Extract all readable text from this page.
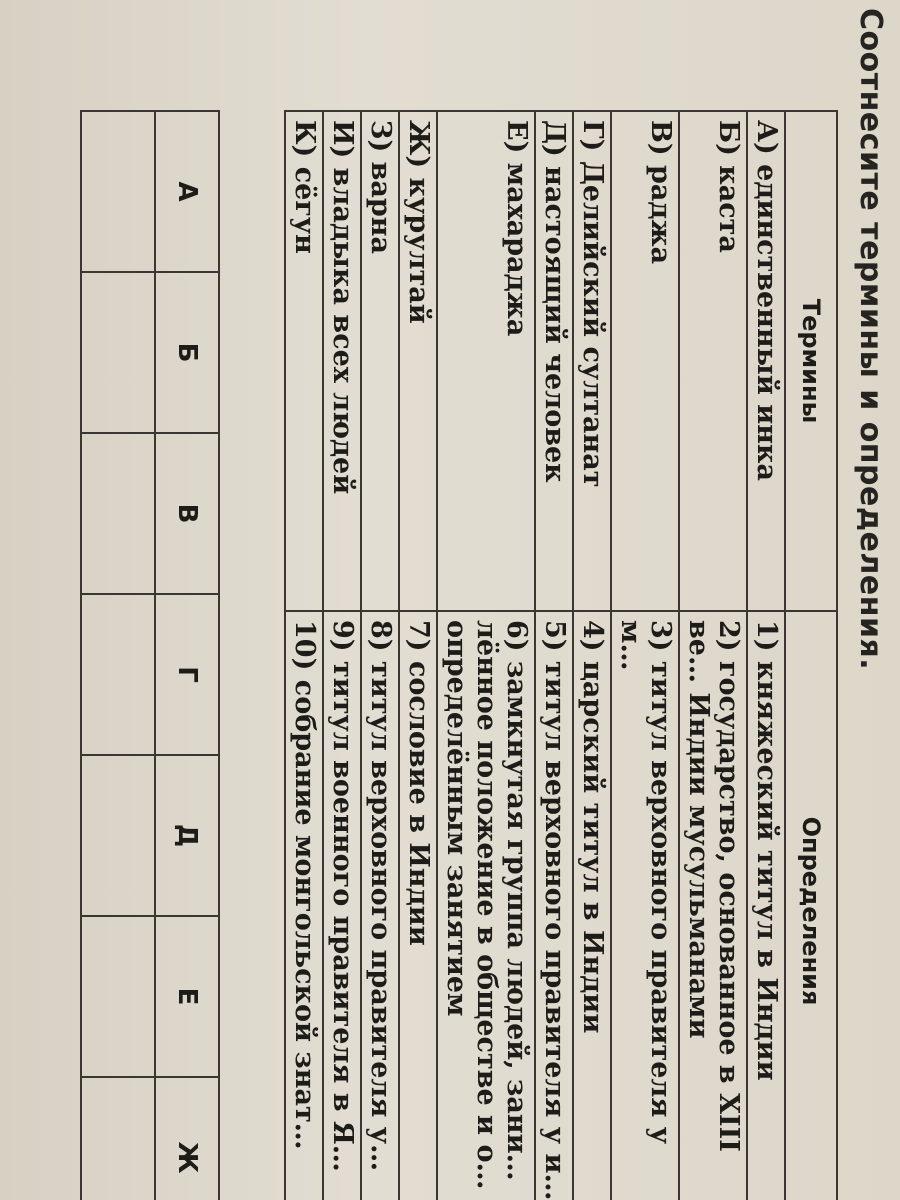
Соотнесите термины и определения.
Термины	Определения
А) единственный инка	1) княжеский титул в Индии
Б) каста	2) государство, основанное в XIII ве… Индии мусульманами
В) раджа	3) титул верховного правителя у м…
Г) Делийский султанат	4) царский титул в Индии
Д) настоящий человек	5) титул верховного правителя у и…
Е) махараджа	6) замкнутая группа людей, зани… лённое положение в обществе и о… определённым занятием
Ж) курултай	7) сословие в Индии
З) варна	8) титул верховного правителя у…
И) владыка всех людей	9) титул военного правителя в Я…
К) сёгун	10) собрание монгольской знат…
А	Б	В	Г	Д	Е	Ж
